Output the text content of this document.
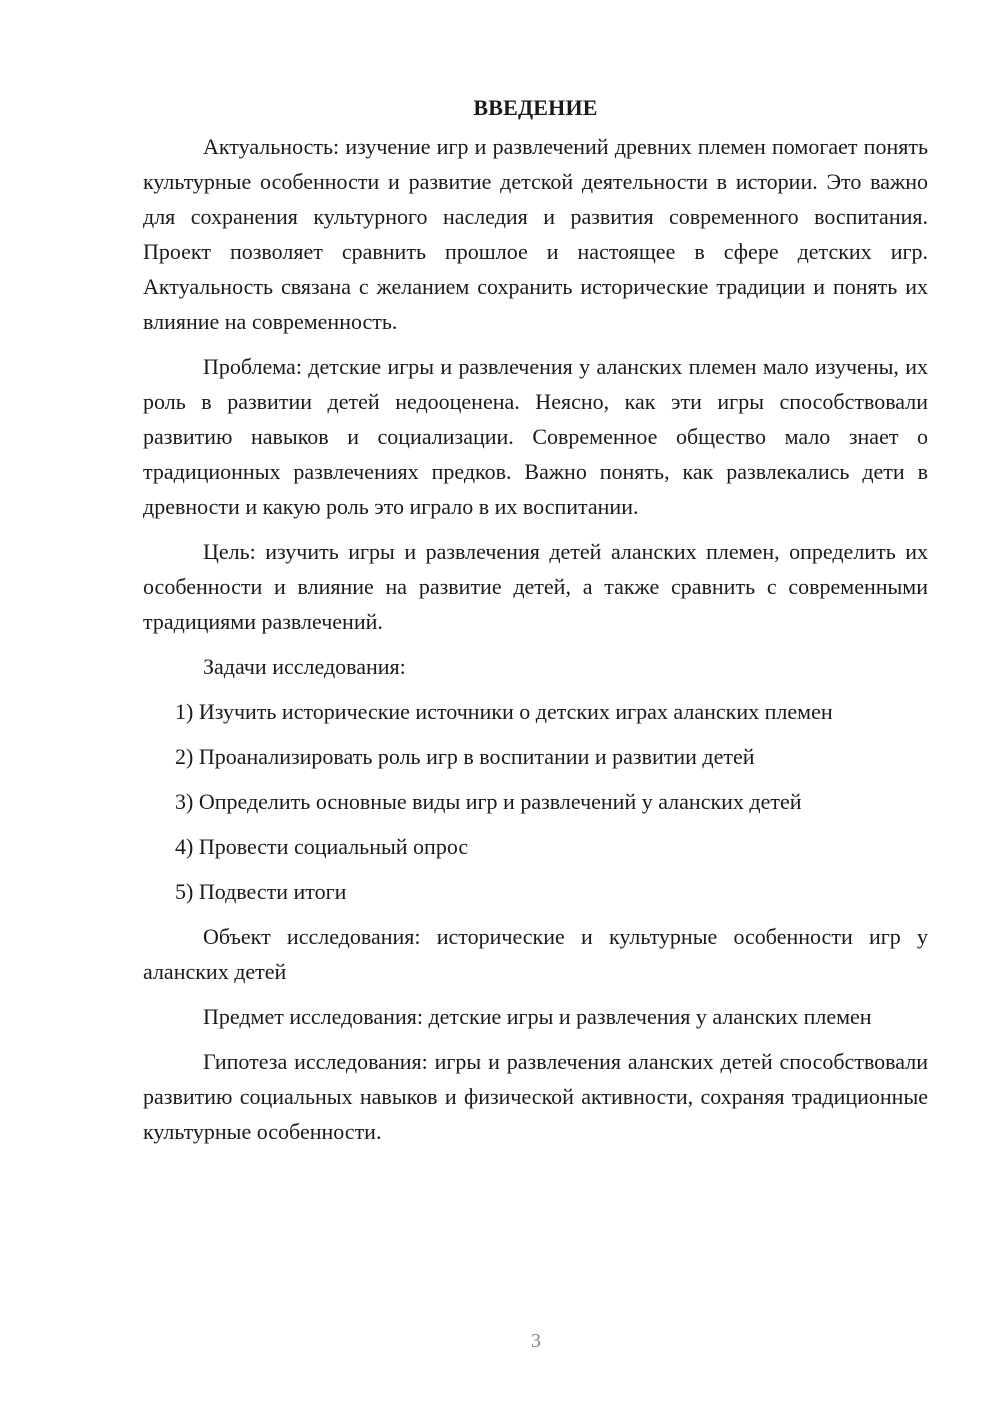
ВВЕДЕНИЕ

Актуальность: изучение игр и развлечений древних племен помогает понять культурные особенности и развитие детской деятельности в истории. Это важно для сохранения культурного наследия и развития современного воспитания. Проект позволяет сравнить прошлое и настоящее в сфере детских игр. Актуальность связана с желанием сохранить исторические традиции и понять их влияние на современность.

Проблема: детские игры и развлечения у аланских племен мало изучены, их роль в развитии детей недооценена. Неясно, как эти игры способствовали развитию навыков и социализации. Современное общество мало знает о традиционных развлечениях предков. Важно понять, как развлекались дети в древности и какую роль это играло в их воспитании.

Цель: изучить игры и развлечения детей аланских племен, определить их особенности и влияние на развитие детей, а также сравнить с современными традициями развлечений.

Задачи исследования:

1) Изучить исторические источники о детских играх аланских племен
2) Проанализировать роль игр в воспитании и развитии детей
3) Определить основные виды игр и развлечений у аланских детей
4) Провести социальный опрос
5) Подвести итоги

Объект исследования: исторические и культурные особенности игр у аланских детей

Предмет исследования: детские игры и развлечения у аланских племен

Гипотеза исследования: игры и развлечения аланских детей способствовали развитию социальных навыков и физической активности, сохраняя традиционные культурные особенности.

3
